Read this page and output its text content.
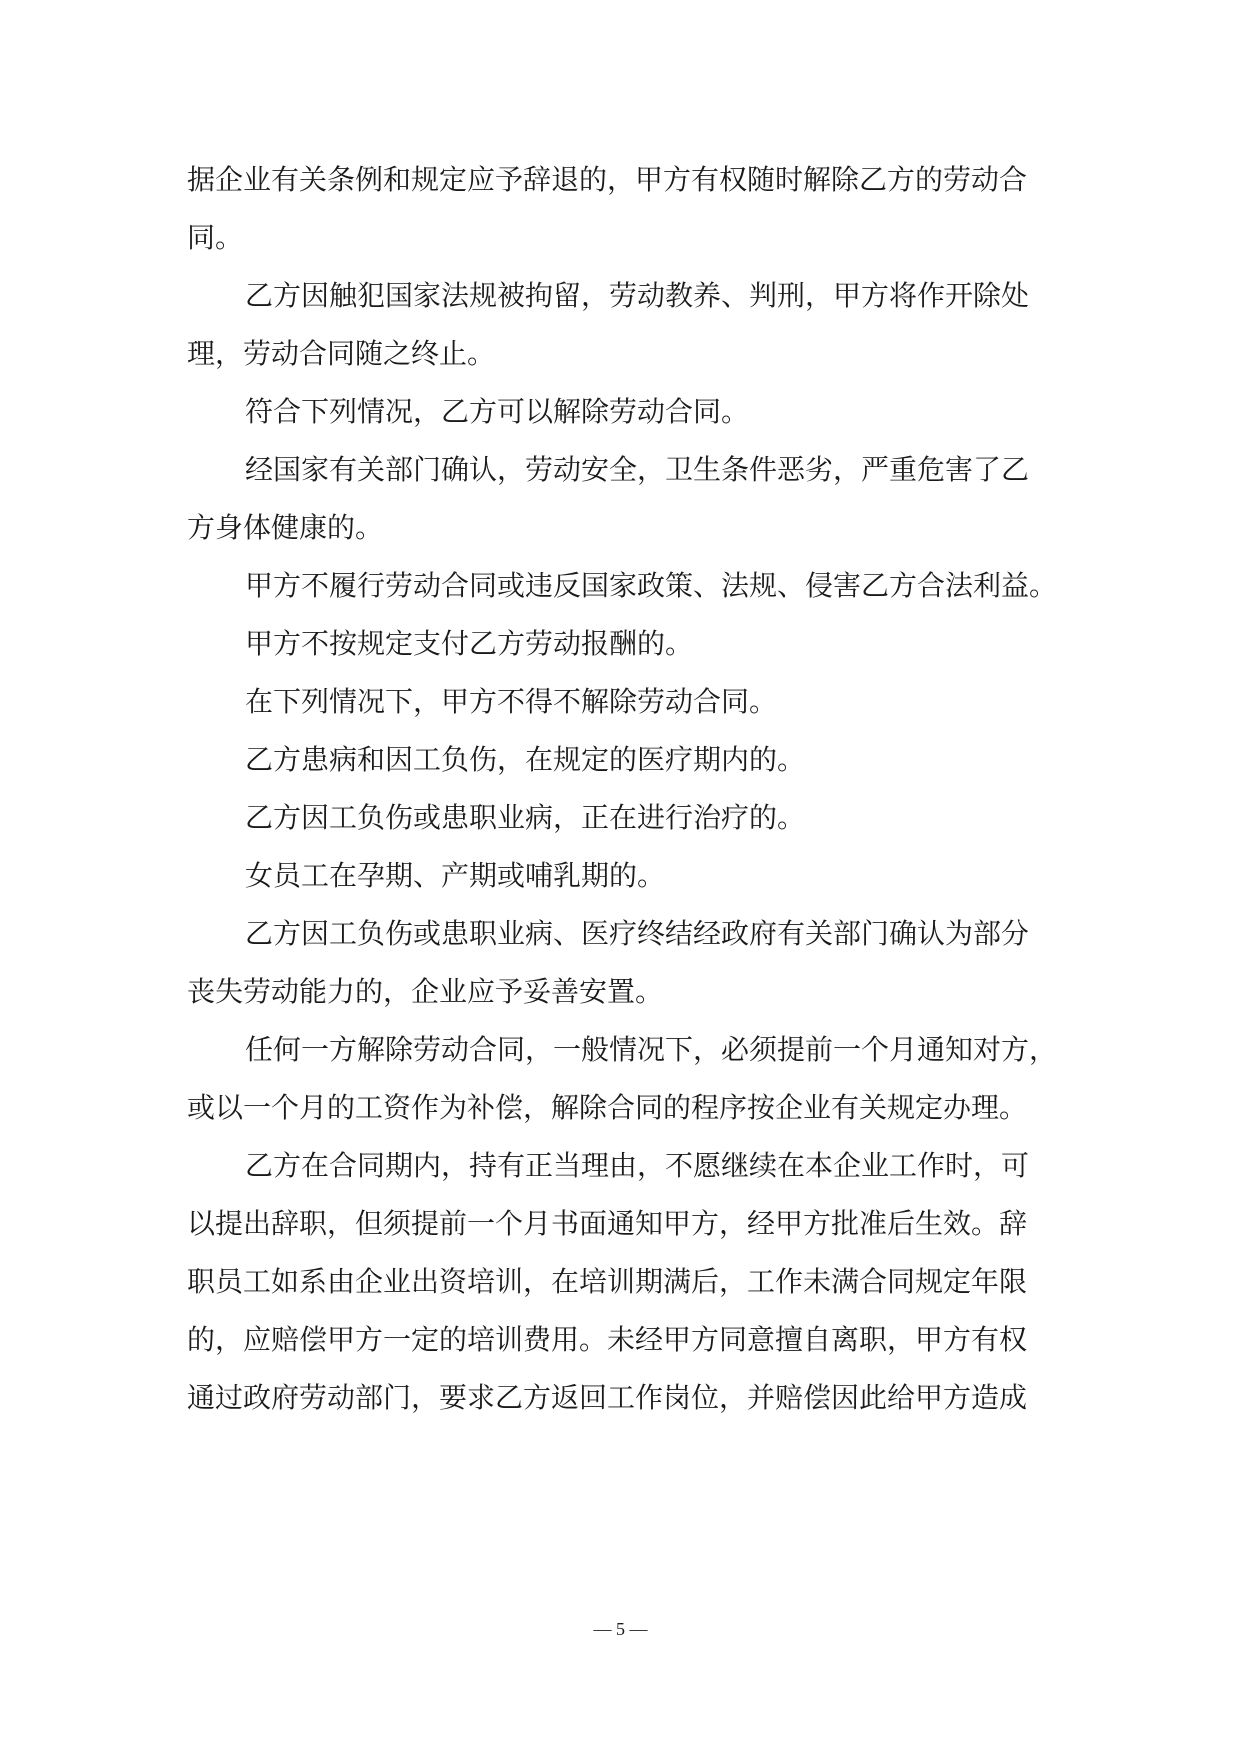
据企业有关条例和规定应予辞退的，甲方有权随时解除乙方的劳动合
同。
乙方因触犯国家法规被拘留，劳动教养、判刑，甲方将作开除处
理，劳动合同随之终止。
符合下列情况，乙方可以解除劳动合同。
经国家有关部门确认，劳动安全，卫生条件恶劣，严重危害了乙
方身体健康的。
甲方不履行劳动合同或违反国家政策、法规、侵害乙方合法利益。
甲方不按规定支付乙方劳动报酬的。
在下列情况下，甲方不得不解除劳动合同。
乙方患病和因工负伤，在规定的医疗期内的。
乙方因工负伤或患职业病，正在进行治疗的。
女员工在孕期、产期或哺乳期的。
乙方因工负伤或患职业病、医疗终结经政府有关部门确认为部分
丧失劳动能力的，企业应予妥善安置。
任何一方解除劳动合同，一般情况下，必须提前一个月通知对方，
或以一个月的工资作为补偿，解除合同的程序按企业有关规定办理。
乙方在合同期内，持有正当理由，不愿继续在本企业工作时，可
以提出辞职，但须提前一个月书面通知甲方，经甲方批准后生效。辞
职员工如系由企业出资培训，在培训期满后，工作未满合同规定年限
的，应赔偿甲方一定的培训费用。未经甲方同意擅自离职，甲方有权
通过政府劳动部门，要求乙方返回工作岗位，并赔偿因此给甲方造成
— 5 —
